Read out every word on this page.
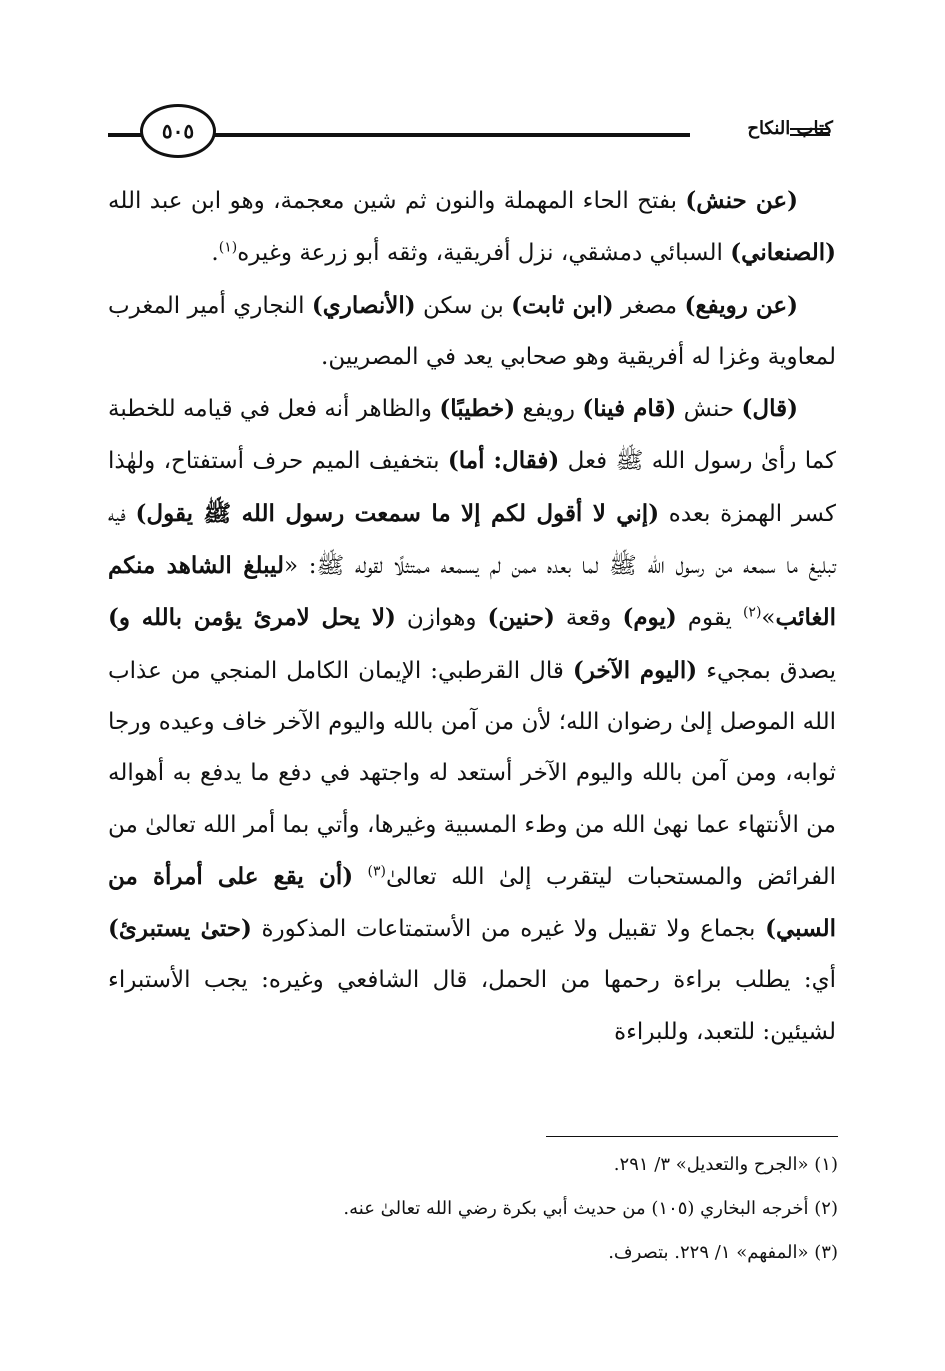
كتاب النكاح
٥٠٥

(عن حنش) بفتح الحاء المهملة والنون ثم شين معجمة، وهو ابن عبد الله (الصنعاني) السبائي دمشقي، نزل أفريقية، وثقه أبو زرعة وغيره$^{(١)}$.

(عن رويفع) مصغر (ابن ثابت) بن سكن (الأنصاري) النجاري أمير المغرب لمعاوية وغزا له أفريقية وهو صحابي يعد في المصريين.

(قال) حنش (قام فينا) رويفع (خطيبًا) والظاهر أنه فعل في قيامه للخطبة كما رأىٰ رسول الله ﷺ فعل (فقال: أما) بتخفيف الميم حرف أستفتاح، ولهٰذا كسر الهمزة بعده (إني لا أقول لكم إلا ما سمعت رسول الله ﷺ يقول) فيه تبليغ ما سمعه من رسول الله ﷺ لما بعده ممن لم يسمعه ممتثلًا لقوله ﷺ: «ليبلغ الشاهد منكم الغائب»$^{(٢)}$ يقوم (يوم) وقعة (حنين) وهوازن (لا يحل لامرئ يؤمن بالله و) يصدق بمجيء (اليوم الآخر) قال القرطبي: الإيمان الكامل المنجي من عذاب الله الموصل إلىٰ رضوان الله؛ لأن من آمن بالله واليوم الآخر خاف وعيده ورجا ثوابه، ومن آمن بالله واليوم الآخر أستعد له واجتهد في دفع ما يدفع به أهواله من الأنتهاء عما نهىٰ الله من وطء المسبية وغيرها، وأتي بما أمر الله تعالىٰ من الفرائض والمستحبات ليتقرب إلىٰ الله تعالىٰ$^{(٣)}$ (أن يقع على أمرأة من السبي) بجماع ولا تقبيل ولا غيره من الأستمتاعات المذكورة (حتىٰ يستبرئ) أي: يطلب براءة رحمها من الحمل، قال الشافعي وغيره: يجب الأستبراء لشيئين: للتعبد، وللبراءة

(١) «الجرح والتعديل» ٣/ ٢٩١.
(٢) أخرجه البخاري (١٠٥) من حديث أبي بكرة رضي الله تعالىٰ عنه.
(٣) «المفهم» ١/ ٢٢٩. بتصرف.
